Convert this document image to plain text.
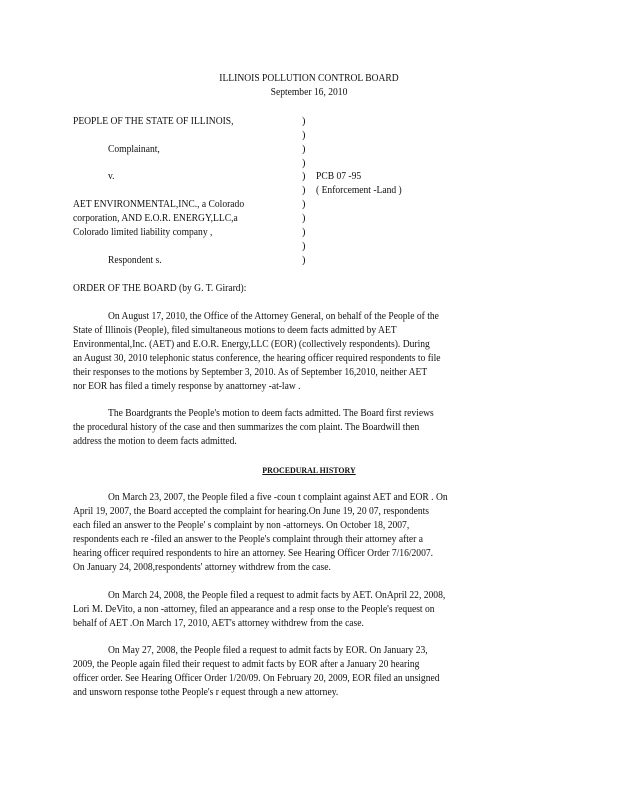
ILLINOIS POLLUTION CONTROL BOARD
September 16, 2010
PEOPLE OF THE STATE OF ILLINOIS,
Complainant,
v.	PCB 07 -95
( Enforcement -Land )
AET ENVIRONMENTAL,INC., a Colorado
corporation, AND E.O.R. ENERGY,LLC,a
Colorado limited liability company ,
Respondent s.
)
)
)
)
)
)
)
)
)
)
)
ORDER OF THE BOARD (by G. T. Girard):
On August 17, 2010, the Office of the Attorney General, on behalf of the People of the
State of Illinois (People), filed simultaneous motions to deem facts admitted by AET
Environmental,Inc. (AET) and E.O.R. Energy,LLC (EOR) (collectively respondents). During
an August 30, 2010 telephonic status conference, the hearing officer required respondents to file
their responses to the motions by September 3, 2010. As of September 16,2010, neither AET
nor EOR has filed a timely response by anattorney -at-law .
The Boardgrants the People's motion to deem facts admitted. The Board first reviews
the procedural history of the case and then summarizes the com plaint. The Boardwill then
address the motion to deem facts admitted.
PROCEDURAL HISTORY
On March 23, 2007, the People filed a five -coun t complaint against AET and EOR . On
April 19, 2007, the Board accepted the complaint for hearing.On June 19, 20 07, respondents
each filed an answer to the People' s complaint by non -attorneys. On October 18, 2007,
respondents each re -filed an answer to the People's complaint through their attorney after a
hearing officer required respondents to hire an attorney. See Hearing Officer Order 7/16/2007.
On January 24, 2008,respondents' attorney withdrew from the case.
On March 24, 2008, the People filed a request to admit facts by AET. OnApril 22, 2008,
Lori M. DeVito, a non -attorney, filed an appearance and a resp onse to the People's request on
behalf of AET .On March 17, 2010, AET's attorney withdrew from the case.
On May 27, 2008, the People filed a request to admit facts by EOR. On January 23,
2009, the People again filed their request to admit facts by EOR after a January 20 hearing
officer order. See Hearing Officer Order 1/20/09. On February 20, 2009, EOR filed an unsigned
and unsworn response tothe People's r equest through a new attorney.
